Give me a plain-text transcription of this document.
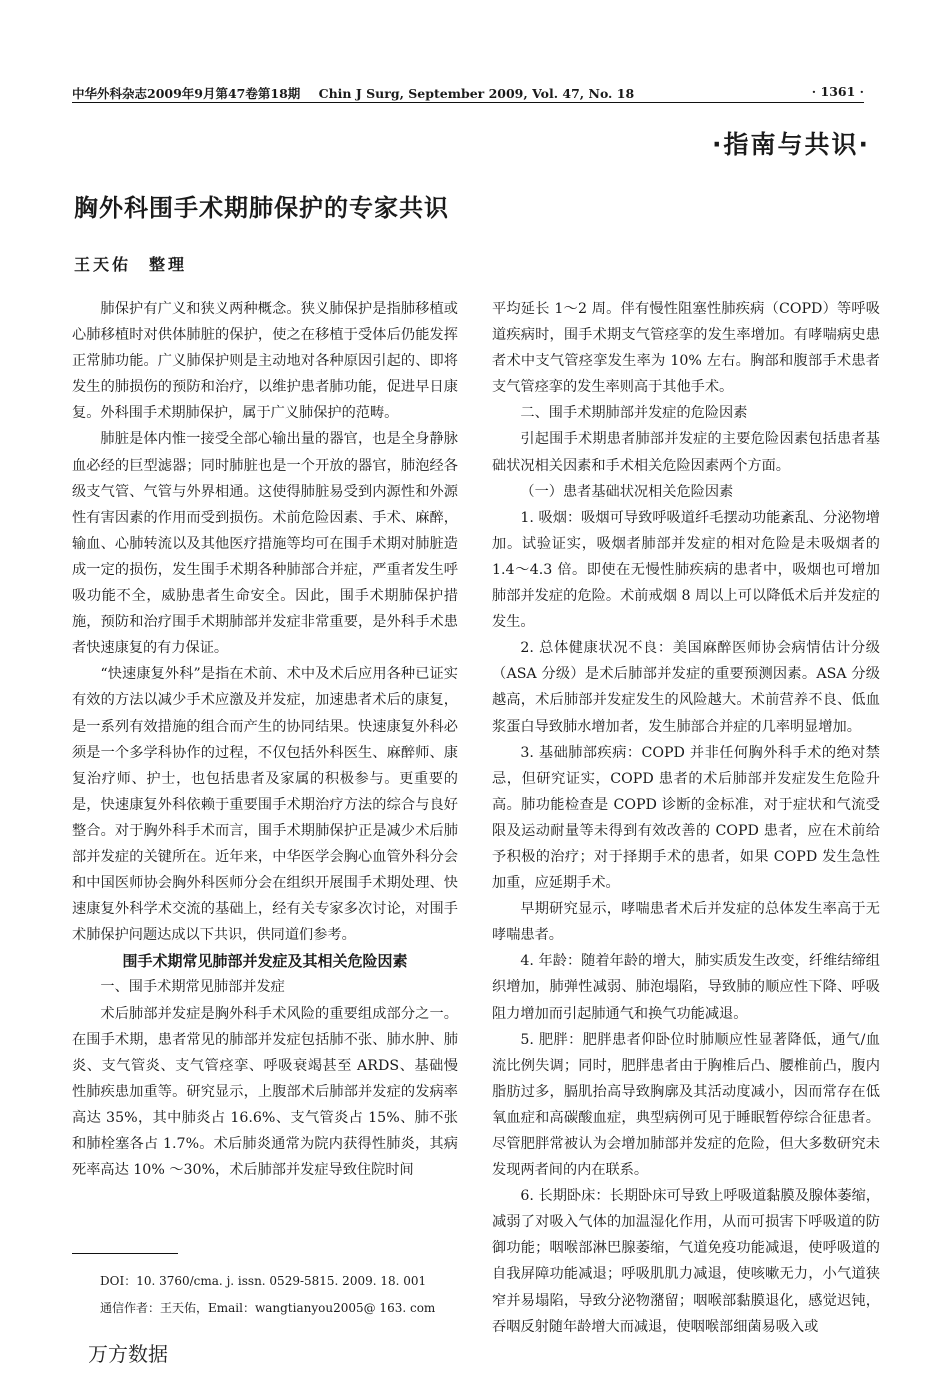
中华外科杂志2009年9月第47卷第18期 Chin J Surg, September 2009, Vol. 47, No. 18	· 1361 ·
·指南与共识·
胸外科围手术期肺保护的专家共识
王天佑 整理

肺保护有广义和狭义两种概念。狭义肺保护是指肺移植或心肺移植时对供体肺脏的保护，使之在移植于受体后仍能发挥正常肺功能。广义肺保护则是主动地对各种原因引起的、即将发生的肺损伤的预防和治疗，以维护患者肺功能，促进早日康复。外科围手术期肺保护，属于广义肺保护的范畴。

肺脏是体内惟一接受全部心输出量的器官，也是全身静脉血必经的巨型滤器；同时肺脏也是一个开放的器官，肺泡经各级支气管、气管与外界相通。这使得肺脏易受到内源性和外源性有害因素的作用而受到损伤。术前危险因素、手术、麻醉，输血、心肺转流以及其他医疗措施等均可在围手术期对肺脏造成一定的损伤，发生围手术期各种肺部合并症，严重者发生呼吸功能不全，威胁患者生命安全。因此，围手术期肺保护措施，预防和治疗围手术期肺部并发症非常重要，是外科手术患者快速康复的有力保证。

“快速康复外科”是指在术前、术中及术后应用各种已证实有效的方法以减少手术应激及并发症，加速患者术后的康复，是一系列有效措施的组合而产生的协同结果。快速康复外科必须是一个多学科协作的过程，不仅包括外科医生、麻醉师、康复治疗师、护士，也包括患者及家属的积极参与。更重要的是，快速康复外科依赖于重要围手术期治疗方法的综合与良好整合。对于胸外科手术而言，围手术期肺保护正是减少术后肺部并发症的关键所在。近年来，中华医学会胸心血管外科分会和中国医师协会胸外科医师分会在组织开展围手术期处理、快速康复外科学术交流的基础上，经有关专家多次讨论，对围手术肺保护问题达成以下共识，供同道们参考。

围手术期常见肺部并发症及其相关危险因素

一、围手术期常见肺部并发症

术后肺部并发症是胸外科手术风险的重要组成部分之一。在围手术期，患者常见的肺部并发症包括肺不张、肺水肿、肺炎、支气管炎、支气管痉挛、呼吸衰竭甚至 ARDS、基础慢性肺疾患加重等。研究显示，上腹部术后肺部并发症的发病率高达 35%，其中肺炎占 16.6%、支气管炎占 15%、肺不张和肺栓塞各占 1.7%。术后肺炎通常为院内获得性肺炎，其病死率高达 10% ～30%，术后肺部并发症导致住院时间

平均延长 1～2 周。伴有慢性阻塞性肺疾病（COPD）等呼吸道疾病时，围手术期支气管痉挛的发生率增加。有哮喘病史患者术中支气管痉挛发生率为 10% 左右。胸部和腹部手术患者支气管痉挛的发生率则高于其他手术。

二、围手术期肺部并发症的危险因素

引起围手术期患者肺部并发症的主要危险因素包括患者基础状况相关因素和手术相关危险因素两个方面。

（一）患者基础状况相关危险因素

1. 吸烟：吸烟可导致呼吸道纤毛摆动功能紊乱、分泌物增加。试验证实，吸烟者肺部并发症的相对危险是未吸烟者的 1.4～4.3 倍。即使在无慢性肺疾病的患者中，吸烟也可增加肺部并发症的危险。术前戒烟 8 周以上可以降低术后并发症的发生。

2. 总体健康状况不良：美国麻醉医师协会病情估计分级（ASA 分级）是术后肺部并发症的重要预测因素。ASA 分级越高，术后肺部并发症发生的风险越大。术前营养不良、低血浆蛋白导致肺水增加者，发生肺部合并症的几率明显增加。

3. 基础肺部疾病：COPD 并非任何胸外科手术的绝对禁忌，但研究证实，COPD 患者的术后肺部并发症发生危险升高。肺功能检查是 COPD 诊断的金标准，对于症状和气流受限及运动耐量等未得到有效改善的 COPD 患者，应在术前给予积极的治疗；对于择期手术的患者，如果 COPD 发生急性加重，应延期手术。

早期研究显示，哮喘患者术后并发症的总体发生率高于无哮喘患者。

4. 年龄：随着年龄的增大，肺实质发生改变，纤维结缔组织增加，肺弹性减弱、肺泡塌陷，导致肺的顺应性下降、呼吸阻力增加而引起肺通气和换气功能减退。

5. 肥胖：肥胖患者仰卧位时肺顺应性显著降低，通气/血流比例失调；同时，肥胖患者由于胸椎后凸、腰椎前凸，腹内脂肪过多，膈肌抬高导致胸廓及其活动度减小，因而常存在低氧血症和高碳酸血症，典型病例可见于睡眠暂停综合征患者。尽管肥胖常被认为会增加肺部并发症的危险，但大多数研究未发现两者间的内在联系。

6. 长期卧床：长期卧床可导致上呼吸道黏膜及腺体萎缩，减弱了对吸入气体的加温湿化作用，从而可损害下呼吸道的防御功能；咽喉部淋巴腺萎缩，气道免疫功能减退，使呼吸道的自我屏障功能减退；呼吸肌肌力减退，使咳嗽无力，小气道狭窄并易塌陷，导致分泌物潴留；咽喉部黏膜退化，感觉迟钝，吞咽反射随年龄增大而减退，使咽喉部细菌易吸入或

DOI：10. 3760/cma. j. issn. 0529-5815. 2009. 18. 001
通信作者：王天佑，Email：wangtianyou2005@ 163. com
万方数据
